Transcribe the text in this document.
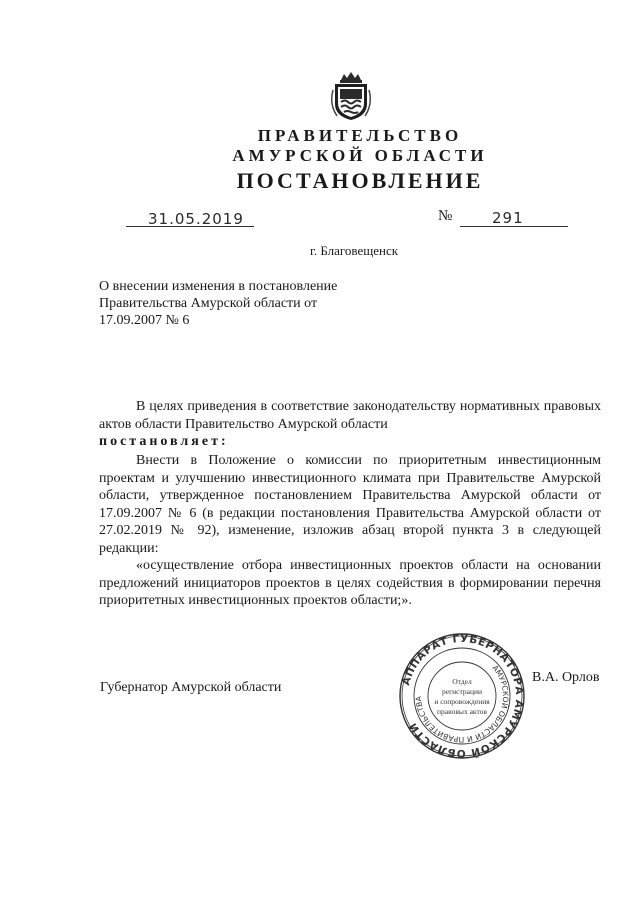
ПРАВИТЕЛЬСТВО
АМУРСКОЙ ОБЛАСТИ
ПОСТАНОВЛЕНИЕ
31.05.2019	№	291
г. Благовещенск
О внесении изменения в постановление Правительства Амурской области от 17.09.2007 № 6
В целях приведения в соответствие законодательству нормативных правовых актов области Правительство Амурской области
постановляет:
Внести в Положение о комиссии по приоритетным инвестиционным проектам и улучшению инвестиционного климата при Правительстве Амурской области, утвержденное постановлением Правительства Амурской области от 17.09.2007 № 6 (в редакции постановления Правительства Амурской области от 27.02.2019 № 92), изменение, изложив абзац второй пункта 3 в следующей редакции:
«осуществление отбора инвестиционных проектов области на основании предложений инициаторов проектов в целях содействия в формировании перечня приоритетных инвестиционных проектов области;».
Губернатор Амурской области
В.А. Орлов
АППАРАТ ГУБЕРНАТОРА АМУРСКОЙ ОБЛАСТИ
АМУРСКОЙ ОБЛАСТИ И ПРАВИТЕЛЬСТВА
Отдел
регистрации
и сопровождения
правовых актов
